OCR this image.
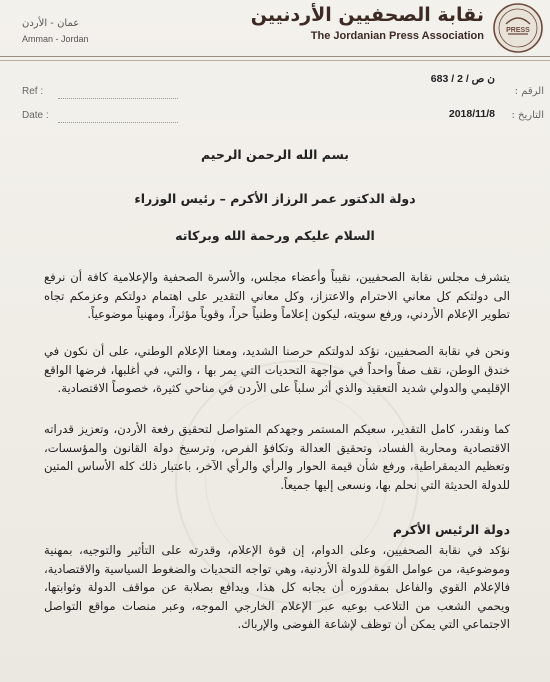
PRESS
نقابة الصحفيين الأردنيين
The Jordanian Press Association
عمان - الأردن
Amman - Jordan
Ref :
ن ص / 2 / 683
الرقم :
Date :	2018/11/8 التاريخ :
بسم الله الرحمن الرحيم
دولة الدكتور عمر الرزاز الأكرم – رئيس الوزراء
السلام عليكم ورحمة الله وبركاته
يتشرف مجلس نقابة الصحفيين، نقيباً وأعضاء مجلس، والأسرة الصحفية والإعلامية كافة أن نرفع الى دولتكم كل معاني الاحترام والاعتزاز، وكل معاني التقدير على اهتمام دولتكم وعزمكم تجاه تطوير الإعلام الأردني، ورفع سويته، ليكون إعلاماً وطنياً حراً، وقوياً مؤثراً، ومهنياً موضوعياً.
ونحن في نقابة الصحفيين، نؤكد لدولتكم حرصنا الشديد، ومعنا الإعلام الوطني، على أن نكون في خندق الوطن، نقف صفاً واحداً في مواجهة التحديات التي يمر بها ، والتي، في أغلبها، فرضها الواقع الإقليمي والدولي شديد التعقيد والذي أثر سلباً على الأردن في مناحي كثيرة، خصوصاً الاقتصادية.
كما ونقدر، كامل التقدير، سعيكم المستمر وجهدكم المتواصل لتحقيق رفعة الأردن، وتعزيز قدراته الاقتصادية ومحاربة الفساد، وتحقيق العدالة وتكافؤ الفرص، وترسيخ دولة القانون والمؤسسات، وتعظيم الديمقراطية، ورفع شأن قيمة الحوار والرأي والرأي الآخر، باعتبار ذلك كله الأساس المتين للدولة الحديثة التي نحلم بها، ونسعى إليها جميعاً.
دولة الرئيس الأكرم
نؤكد في نقابة الصحفيين، وعلى الدوام، إن قوة الإعلام، وقدرته على التأثير والتوجيه، بمهنية وموضوعية، من عوامل القوة للدولة الأردنية، وهي تواجه التحديات والضغوط السياسية والاقتصادية، فالإعلام القوي والفاعل بمقدوره أن يجابه كل هذا، ويدافع بصلابة عن مواقف الدولة وثوابتها، ويحمي الشعب من التلاعب بوعيه عبر الإعلام الخارجي الموجه، وعبر منصات مواقع التواصل الاجتماعي التي يمكن أن توظف لإشاعة الفوضى والإرباك.
